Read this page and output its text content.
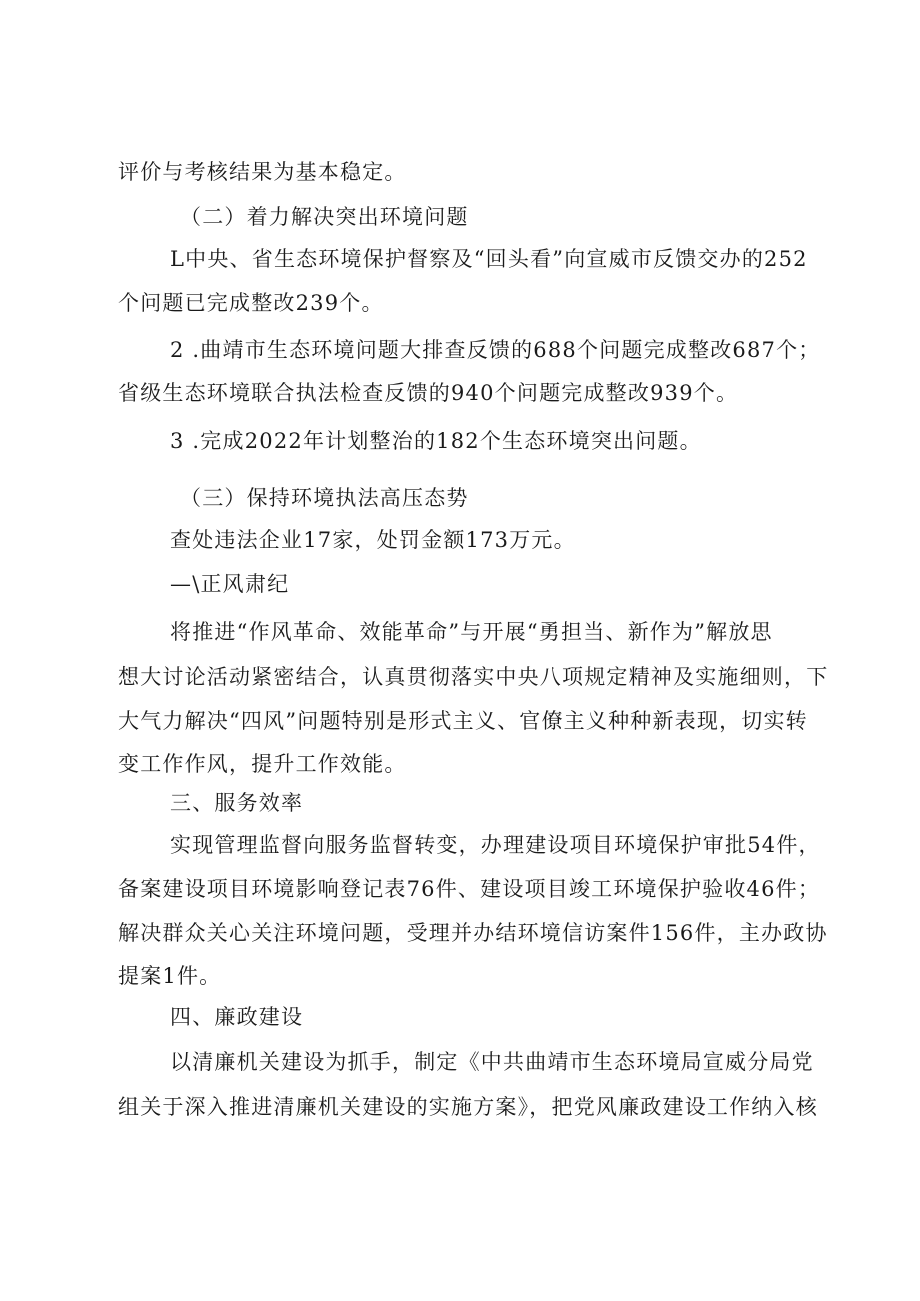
评价与考核结果为基本稳定。
（二）着力解决突出环境问题
L中央、省生态环境保护督察及“回头看”向宣威市反馈交办的252
个问题已完成整改239个。
2 .曲靖市生态环境问题大排查反馈的688个问题完成整改687个；
省级生态环境联合执法检查反馈的940个问题完成整改939个。
3 .完成2022年计划整治的182个生态环境突出问题。
（三）保持环境执法高压态势
查处违法企业17家，处罚金额173万元。
—\正风肃纪
将推进“作风革命、效能革命”与开展“勇担当、新作为”解放思
想大讨论活动紧密结合，认真贯彻落实中央八项规定精神及实施细则，下
大气力解决“四风”问题特别是形式主义、官僚主义种种新表现，切实转
变工作作风，提升工作效能。
三、服务效率
实现管理监督向服务监督转变，办理建设项目环境保护审批54件，
备案建设项目环境影响登记表76件、建设项目竣工环境保护验收46件；
解决群众关心关注环境问题，受理并办结环境信访案件156件，主办政协
提案1件。
四、廉政建设
以清廉机关建设为抓手，制定《中共曲靖市生态环境局宣威分局党
组关于深入推进清廉机关建设的实施方案》，把党风廉政建设工作纳入核
